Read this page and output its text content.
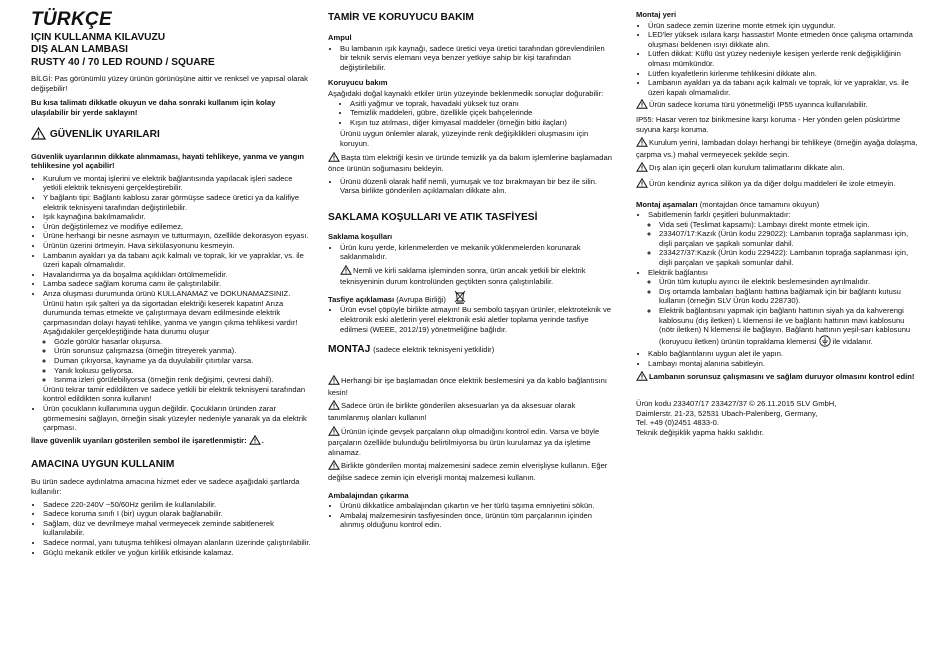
TÜRKÇE
IÇIN KULLANMA KILAVUZU
DIŞ ALAN LAMBASI
RUSTY 40 / 70 LED ROUND / SQUARE

BİLGİ: Pas görünümlü yüzey ürünün görünüşüne aittir ve renksel ve yapısal olarak değişebilir!

Bu kısa talimatı dikkatle okuyun ve daha sonraki kullanım için kolay ulaşılabilir bir yerde saklayın!

GÜVENLİK UYARILARI

Güvenlik uyarılarının dikkate alınmaması, hayati tehlikeye, yanma ve yangın tehlikesine yol açabilir!

• Kurulum ve montaj işlerini ve elektrik bağlantısında yapılacak işleri sadece yetkili elektrik teknisyeni gerçekleştirebilir.
• Y bağlantı tipi: Bağlantı kablosu zarar görmüşse sadece üretici ya da kalifiye elektrik teknisyeni tarafından değiştirilebilir.
• Işık kaynağına bakılmamalıdır.
• Ürün değiştirilemez ve modifiye edilemez.
• Ürüne herhangi bir nesne asmayın ve tutturmayın, özellikle dekorasyon eşyası.
• Ürünün üzerini örtmeyin. Hava sirkülasyonunu kesmeyin.
• Lambanın ayakları ya da tabanı açık kalmalı ve toprak, kir ve yapraklar, vs. ile üzeri kapalı olmamalıdır.
• Havalandırma ya da boşalma açıklıkları örtülmemelidir.
• Lamba sadece sağlam koruma camı ile çalıştırılabilir.
• Arıza oluşması durumunda ürünü KULLANAMAZ ve DOKUNAMAZSINIZ. Ürünü hatırı ışık şalteri ya da sigortadan elektriği keserek kapatın! Arıza durumunda temas etmekte ve çalıştırmaya devam edilmesinde elektrik çarpmasından dolayı hayati tehlike, yanma ve yangın çıkma tehlikesi vardır!
Aşağıdakiler gerçekleştiğinde hata durumu oluşur
◦ Gözle görülür hasarlar oluşursa.
◦ Ürün sorunsuz çalışmazsa (örneğin titreyerek yanma).
◦ Duman çıkıyorsa, kayname ya da duyulabilir çıtırtılar varsa.
◦ Yanık kokusu geliyorsa.
◦ Isınma izleri görülebiliyorsa (örneğin renk değişimi, çevresi dahil).
Ürünü tekrar tamir edildikten ve sadece yetkili bir elektrik teknisyeni tarafından kontrol edildikten sonra kullanın!
• Ürün çocukların kullanımına uygun değildir. Çocukların üründen zarar görmemesini sağlayın, örneğin sisak yüzeyler nedeniyle yanarak ya da elektrik çarpması.

İlave güvenlik uyarıları gösterilen sembol ile işaretlenmiştir: .

AMACINA UYGUN KULLANIM

Bu ürün sadece aydınlatma amacına hizmet eder ve sadece aşağıdaki şartlarda kullanılır:

• Sadece 220-240V ~50/60Hz gerilim ile kullanılabilir.
• Sadece koruma sınıfı I (bir) uygun olarak bağlanabilir.
• Sağlam, düz ve devrilmeye mahal vermeyecek zeminde sabitlenerek kullanılabilir.
• Sadece normal, yanı tutuşma tehlikesi olmayan alanların üzerinde çalıştırılabilir.
• Güçlü mekanik etkiler ve yoğun kirlilik etkisinde kalamaz.
TAMİR VE KORUYUCU BAKIM
Ampul
• Bu lambanın ışık kaynağı, sadece üretici veya üretici tarafından görevlendirilen bir teknik servis elemanı veya benzer yetkiye sahip bir kişi tarafından değiştirilebilir.
Koruyucu bakım

Aşağıdaki doğal kaynaklı etkiler ürün yüzeyinde beklenmedik sonuçlar doğurabilir:

• Asitli yağmur ve toprak, havadaki yüksek tuz oranı
• Temizlik maddeleri, gübre, özellikle çiçek bahçelerinde
• Kışın tuz atılması, diğer kimyasal maddeler (örneğin bitki ilaçları)

Ürünü uygun önlemler alarak, yüzeyinde renk değişiklikleri oluşmasını için koruyun.

Başta tüm elektriği kesin ve üründe temizlik ya da bakım işlemlerine başlamadan önce ürünün soğumasını bekleyin.

• Ürünü düzenli olarak hafif nemli, yumuşak ve toz bırakmayan bir bez ile silin. Varsa birlikte gönderilen açıklamaları dikkate alın.
SAKLAMA KOŞULLARI VE ATIK TASFİYESİ
Saklama koşulları
• Ürün kuru yerde, kirlenmelerden ve mekanik yüklenmelerden korunarak saklanmalıdır.

Nemli ve kirli saklama işleminden sonra, ürün ancak yetkili bir elektrik teknisyeninin durum kontrolünden geçtikten sonra çalıştırılabilir.

Tasfiye açıklaması (Avrupa Birliği)
• Ürün evsel çöpüyle birlikte atmayın! Bu sembolü taşıyan ürünler, elektroteknik ve elektronik eski aletlerin yerel elektronik eski aletler toplama yerinde tasfiye edilmesi (WEEE, 2012/19) yönetmeliğine bağlıdır.
MONTAJ (sadece elektrik teknisyeni yetkilidir)

Herhangi bir işe başlamadan önce elektrik beslemesini ya da kablo bağlantısını kesin!

Sadece ürün ile birlikte gönderilen aksesuarları ya da aksesuar olarak tanımlanmış olanları kullanın!

Ürünün içinde gevşek parçaların olup olmadığını kontrol edin. Varsa ve böyle parçaların özellikle bulunduğu belirtilmiyorsa bu ürün kurulamaz ya da işletime alınamaz.

Birlikte gönderilen montaj malzemesini sadece zemin elverişliyse kullanın. Eğer değilse sadece zemin için elverişli montaj malzemesi kullanın.

Ambalajından çıkarma
• Ürünü dikkatlice ambalajından çıkartın ve her türlü taşıma emniyetini sökün.
• Ambalaj malzemesinin tasfiyesinden önce, ürünün tüm parçalarının içinden alınmış olduğunu kontrol edin.
Montaj yeri
• Ürün sadece zemin üzerine monte etmek için uygundur.
• LED'ler yüksek ısılara karşı hassastır! Monte etmeden önce çalışma ortamında oluşması beklenen ısıyı dikkate alın.
• Lütfen dikkat: Küflü üst yüzey nedeniyle kesişen yerlerde renk değişikliğinin olması mümkündür.
• Lütfen kıyafetlerin kirlenme tehlikesini dikkate alın.
• Lambanın ayakları ya da tabanı açık kalmalı ve toprak, kir ve yapraklar, vs. ile üzeri kapalı olmamalıdır.

Ürün sadece koruma türü yönetmeliği IP55 uyarınca kullanılabilir.

IP55: Hasar veren toz birikmesine karşı koruma - Her yönden gelen püskürtme suyuna karşı koruma.

Kurulum yerini, lambadan dolayı herhangi bir tehlikeye (örneğin ayağa dolaşma, çarpma vs.) mahal vermeyecek şekilde seçin.

Dış alan için geçerli olan kurulum talimatlarını dikkate alın.

Ürün kendiniz ayrıca silikon ya da diğer dolgu maddeleri ile izole etmeyin.

Montaj aşamaları (montajdan önce tamamını okuyun)
• Sabitlemenin farklı çeşitleri bulunmaktadır:
◦ Vida seti (Teslimat kapsamı): Lambayı direkt monte etmek için.
◦ 233407/17:Kazık (Ürün kodu 229022): Lambanın toprağa saplanması için, dişli parçaları ve şapkalı somunlar dahil.
◦ 233427/37:Kazık (Ürün kodu 229422): Lambanın toprağa saplanması için, dişli parçaları ve şapkalı somunlar dahil.
• Elektrik bağlantısı
◦ Ürün tüm kutuplu ayırıcı ile elektrik beslemesinden ayrılmalıdır.
◦ Dış ortamda lambaları bağlantı hattına bağlamak için bir bağlantı kutusu kullanın (örneğin SLV Ürün kodu 228730).
◦ Elektrik bağlantısını yapmak için bağlantı hattının siyah ya da kahverengi kablosunu (dış iletken) L klemensi ile ve bağlantı hattının mavi kablosunu (nötr iletken) N klemensi ile bağlayın. Bağlantı hattının yeşil-sarı kablosunu (koruyucu iletken) ürünün topraklama klemensi ile vidalanır.
• Kablo bağlantılarını uygun alet ile yapın.
• Lambayı montaj alanına sabitleyin.

Lambanın sorunsuz çalışmasını ve sağlam duruyor olmasını kontrol edin!

Ürün kodu 233407/17 233427/37 © 26.11.2015 SLV GmbH,
Daimlerstr. 21-23, 52531 Ubach-Palenberg, Germany,
Tel. +49 (0)2451 4833-0.
Teknik değişiklik yapma hakkı saklıdır.
